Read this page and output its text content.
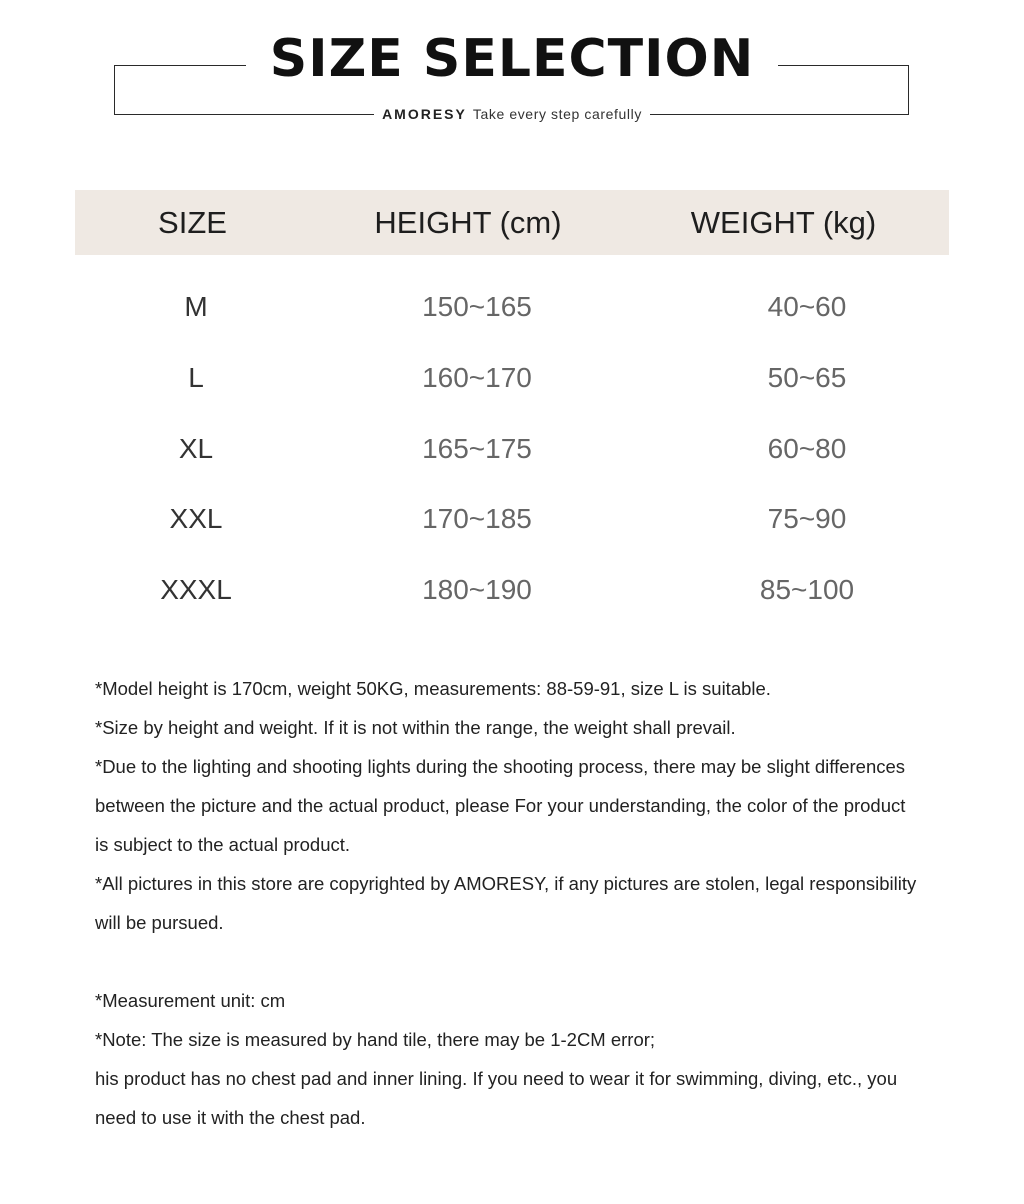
SIZE SELECTION
AMORESY Take every step carefully
SIZE	HEIGHT (cm)	WEIGHT (kg)
M	150~165	40~60
L	160~170	50~65
XL	165~175	60~80
XXL	170~185	75~90
XXXL	180~190	85~100
*Model height is 170cm, weight 50KG, measurements: 88-59-91, size L is suitable.
*Size by height and weight. If it is not within the range, the weight shall prevail.
*Due to the lighting and shooting lights during the shooting process, there may be slight differences
between the picture and the actual product, please For your understanding, the color of the product
is subject to the actual product.
*All pictures in this store are copyrighted by AMORESY, if any pictures are stolen, legal responsibility
will be pursued.
*Measurement unit: cm
*Note: The size is measured by hand tile, there may be 1-2CM error;
his product has no chest pad and inner lining. If you need to wear it for swimming, diving, etc., you
need to use it with the chest pad.
